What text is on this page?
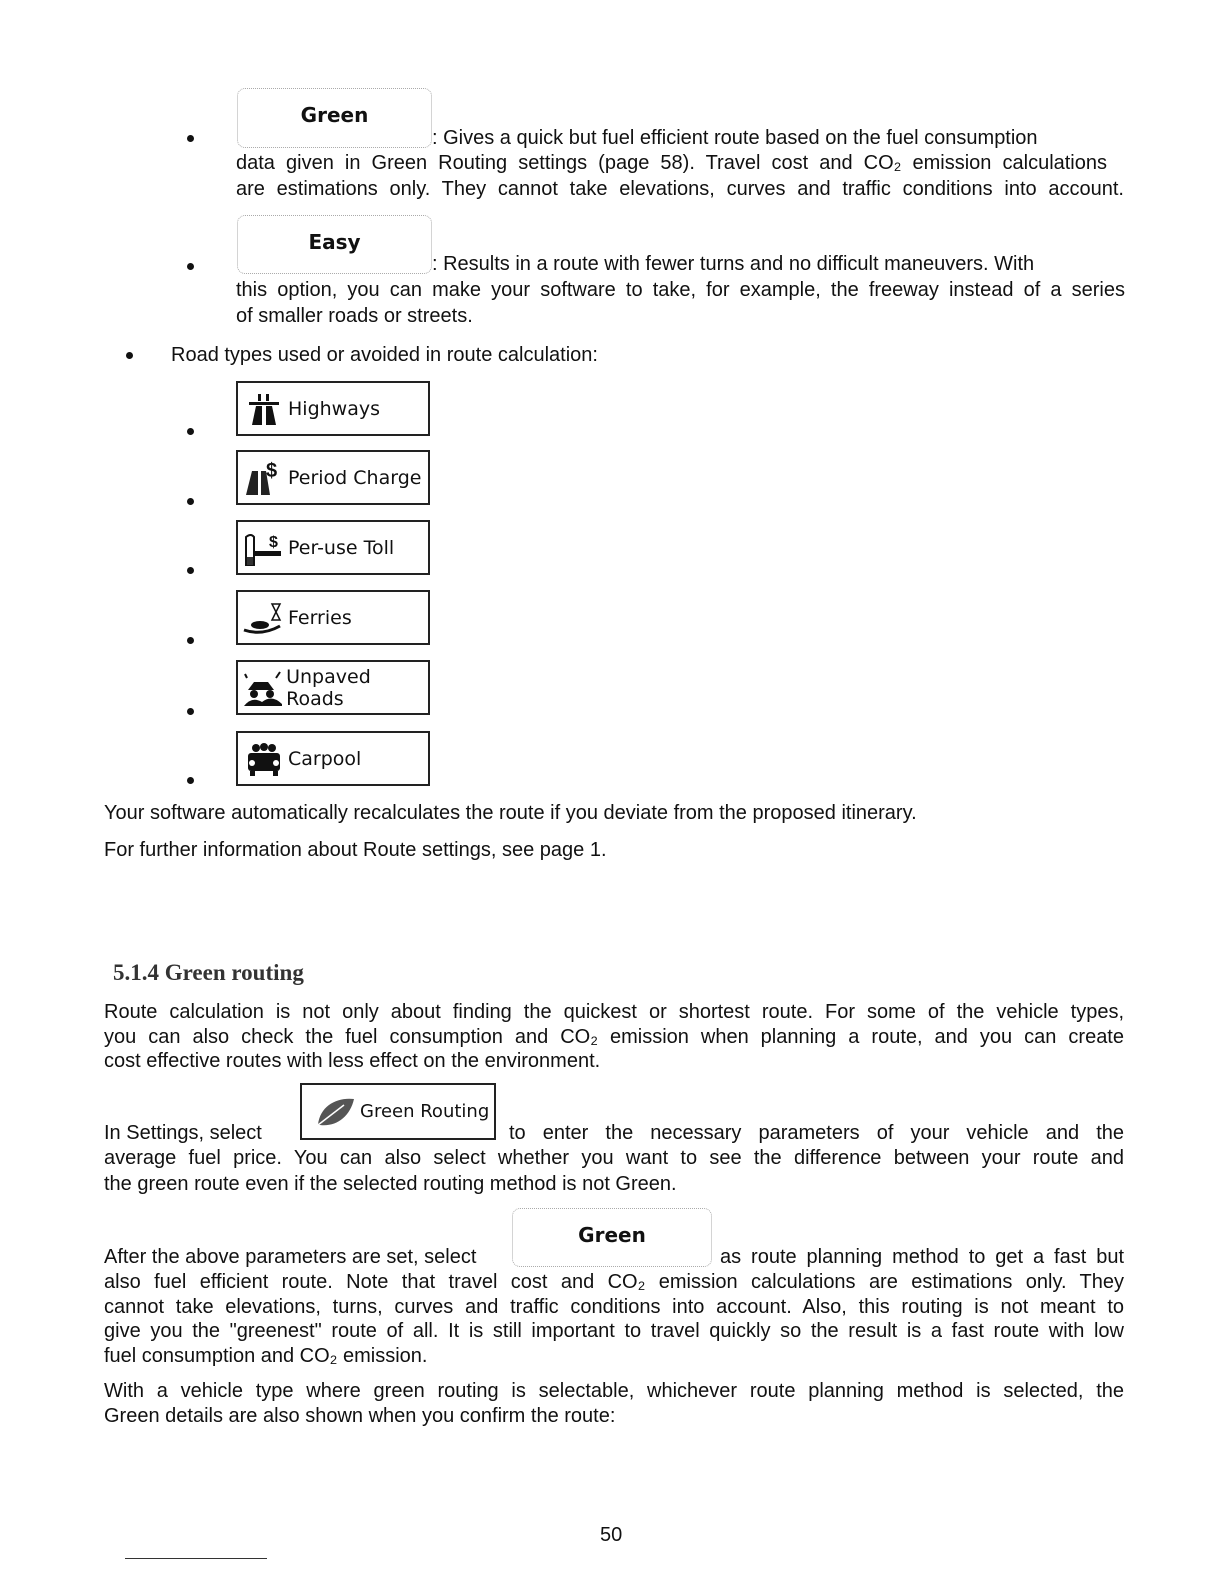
Green
: Gives a quick but fuel efficient route based on the fuel consumption
data given in Green Routing settings (page 58). Travel cost and CO₂ emission calculations
are estimations only. They cannot take elevations, curves and traffic conditions into account.
Easy
: Results in a route with fewer turns and no difficult maneuvers. With
this option, you can make your software to take, for example, the freeway instead of a series
of smaller roads or streets.
Road types used or avoided in route calculation:
Highways
$ Period Charge
$ Per-use Toll
Ferries
Unpaved Roads
Carpool
Your software automatically recalculates the route if you deviate from the proposed itinerary.
For further information about Route settings, see page 1.
5.1.4 Green routing
Route calculation is not only about finding the quickest or shortest route. For some of the vehicle types,
you can also check the fuel consumption and CO₂ emission when planning a route, and you can create
cost effective routes with less effect on the environment.
In Settings, select
Green Routing
to enter the necessary parameters of your vehicle and the
average fuel price. You can also select whether you want to see the difference between your route and
the green route even if the selected routing method is not Green.
After the above parameters are set, select
Green
as route planning method to get a fast but
also fuel efficient route. Note that travel cost and CO₂ emission calculations are estimations only. They
cannot take elevations, turns, curves and traffic conditions into account. Also, this routing is not meant to
give you the "greenest" route of all. It is still important to travel quickly so the result is a fast route with low
fuel consumption and CO₂ emission.
With a vehicle type where green routing is selectable, whichever route planning method is selected, the
Green details are also shown when you confirm the route:
50
